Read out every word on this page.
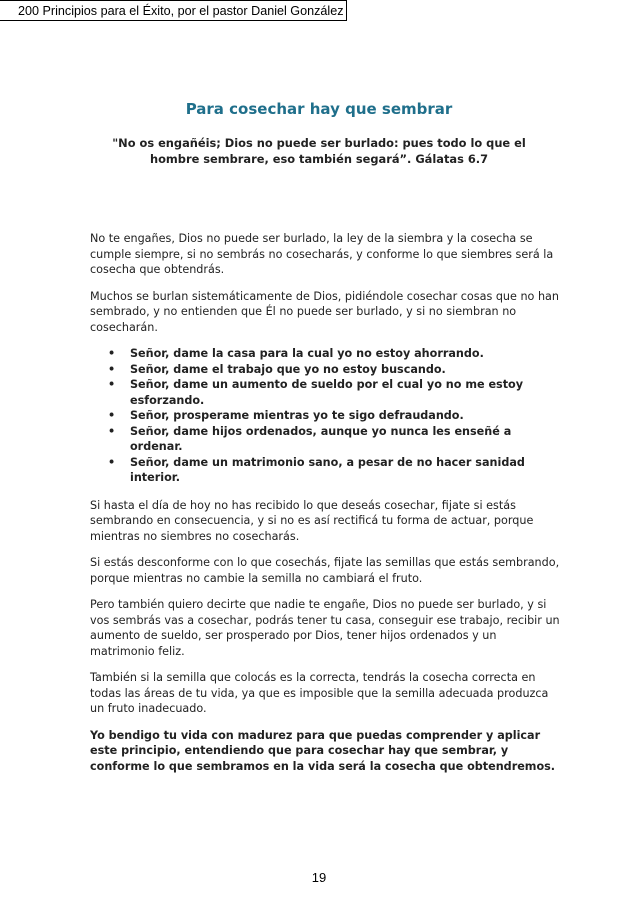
200 Principios para el Éxito, por el pastor Daniel González
Para cosechar hay que sembrar

"No os engañéis; Dios no puede ser burlado: pues todo lo que el hombre sembrare, eso también segará”. Gálatas 6.7

No te engañes, Dios no puede ser burlado, la ley de la siembra y la cosecha se cumple siempre, si no sembrás no cosecharás, y conforme lo que siembres será la cosecha que obtendrás.

Muchos se burlan sistemáticamente de Dios, pidiéndole cosechar cosas que no han sembrado, y no entienden que Él no puede ser burlado, y si no siembran no cosecharán.

• Señor, dame la casa para la cual yo no estoy ahorrando.
• Señor, dame el trabajo que yo no estoy buscando.
• Señor, dame un aumento de sueldo por el cual yo no me estoy esforzando.
• Señor, prosperame mientras yo te sigo defraudando.
• Señor, dame hijos ordenados, aunque yo nunca les enseñé a ordenar.
• Señor, dame un matrimonio sano, a pesar de no hacer sanidad interior.

Si hasta el día de hoy no has recibido lo que deseás cosechar, fijate si estás sembrando en consecuencia, y si no es así rectificá tu forma de actuar, porque mientras no siembres no cosecharás.

Si estás desconforme con lo que cosechás, fijate las semillas que estás sembrando, porque mientras no cambie la semilla no cambiará el fruto.

Pero también quiero decirte que nadie te engañe, Dios no puede ser burlado, y si vos sembrás vas a cosechar, podrás tener tu casa, conseguir ese trabajo, recibir un aumento de sueldo, ser prosperado por Dios, tener hijos ordenados y un matrimonio feliz.

También si la semilla que colocás es la correcta, tendrás la cosecha correcta en todas las áreas de tu vida, ya que es imposible que la semilla adecuada produzca un fruto inadecuado.

Yo bendigo tu vida con madurez para que puedas comprender y aplicar este principio, entendiendo que para cosechar hay que sembrar, y conforme lo que sembramos en la vida será la cosecha que obtendremos.

19
